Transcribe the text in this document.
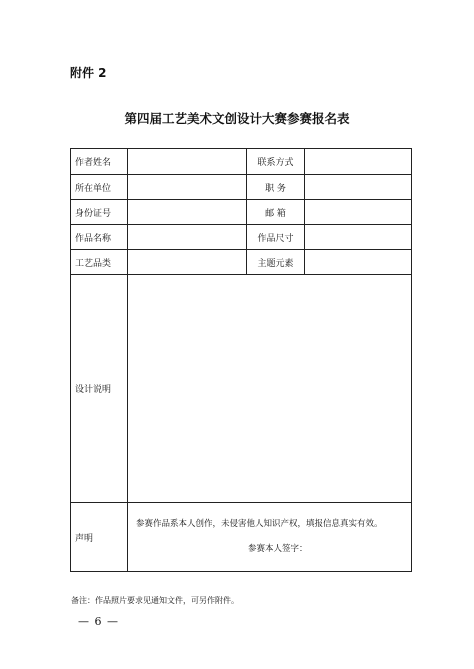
附件 2
第四届工艺美术文创设计大赛参赛报名表
作者姓名		联系方式	
所在单位		职 务	
身份证号		邮 箱	
作品名称		作品尺寸	
工艺品类		主题元素	
设计说明			
声明	参赛作品系本人创作，未侵害他人知识产权，填报信息真实有效。
参赛本人签字：		
备注：作品照片要求见通知文件，可另作附件。
— 6 —
